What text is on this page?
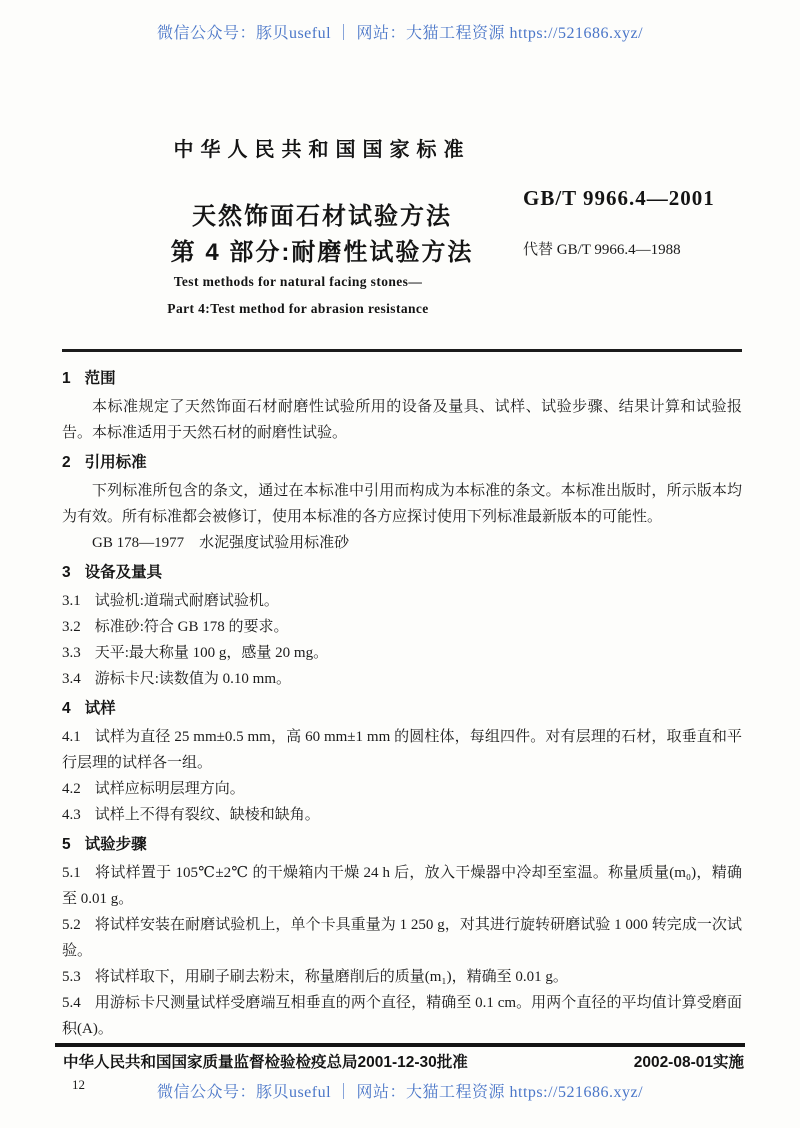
微信公众号：豚贝useful ｜ 网站：大猫工程资源 https://521686.xyz/
中华人民共和国国家标准
GB/T 9966.4—2001
天然饰面石材试验方法
第 4 部分:耐磨性试验方法	代替 GB/T 9966.4—1988
Test methods for natural facing stones—
Part 4:Test method for abrasion resistance
1 范围
本标准规定了天然饰面石材耐磨性试验所用的设备及量具、试样、试验步骤、结果计算和试验报告。本标准适用于天然石材的耐磨性试验。
2 引用标准
下列标准所包含的条文，通过在本标准中引用而构成为本标准的条文。本标准出版时，所示版本均为有效。所有标准都会被修订，使用本标准的各方应探讨使用下列标准最新版本的可能性。
GB 178—1977　水泥强度试验用标准砂
3 设备及量具
3.1 试验机:道瑞式耐磨试验机。
3.2 标准砂:符合 GB 178 的要求。
3.3 天平:最大称量 100 g，感量 20 mg。
3.4 游标卡尺:读数值为 0.10 mm。
4 试样
4.1 试样为直径 25 mm±0.5 mm，高 60 mm±1 mm 的圆柱体，每组四件。对有层理的石材，取垂直和平行层理的试样各一组。
4.2 试样应标明层理方向。
4.3 试样上不得有裂纹、缺棱和缺角。
5 试验步骤
5.1 将试样置于 105℃±2℃ 的干燥箱内干燥 24 h 后，放入干燥器中冷却至室温。称量质量(m₀)，精确至 0.01 g。
5.2 将试样安装在耐磨试验机上，单个卡具重量为 1 250 g，对其进行旋转研磨试验 1 000 转完成一次试验。
5.3 将试样取下，用刷子刷去粉末，称量磨削后的质量(m₁)，精确至 0.01 g。
5.4 用游标卡尺测量试样受磨端互相垂直的两个直径，精确至 0.1 cm。用两个直径的平均值计算受磨面积(A)。
中华人民共和国国家质量监督检验检疫总局2001-12-30批准	2002-08-01实施
12	微信公众号：豚贝useful ｜ 网站：大猫工程资源 https://521686.xyz/
